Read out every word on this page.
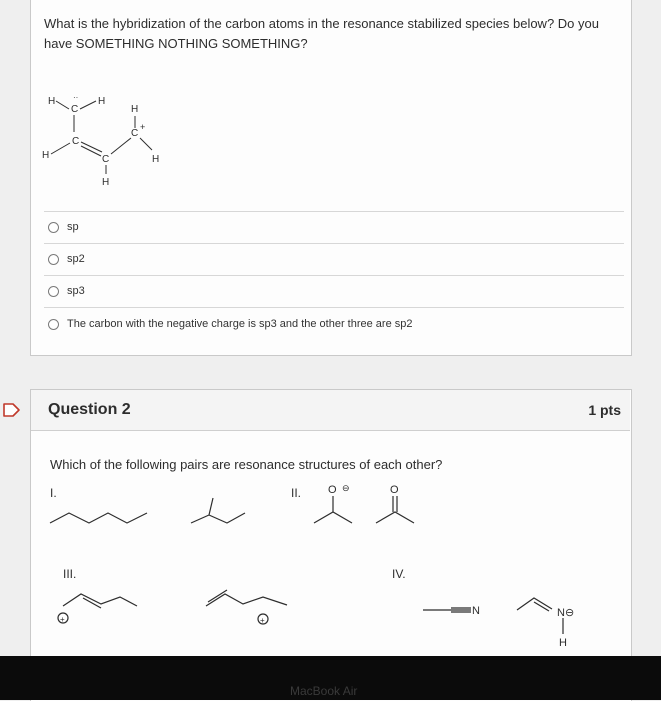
What is the hybridization of the carbon atoms in the resonance stabilized species below? Do you have SOMETHING NOTHING SOMETHING?
H	H
C
··
C
H	C
H
C
+
H
H
sp
sp2
sp3
The carbon with the negative charge is sp3 and the other three are sp2
Question 2	1 pts
Which of the following pairs are resonance structures of each other?
I.	II.
III.	IV.
O ⊖	O
+	+
N	N⊖
H
MacBook Air
